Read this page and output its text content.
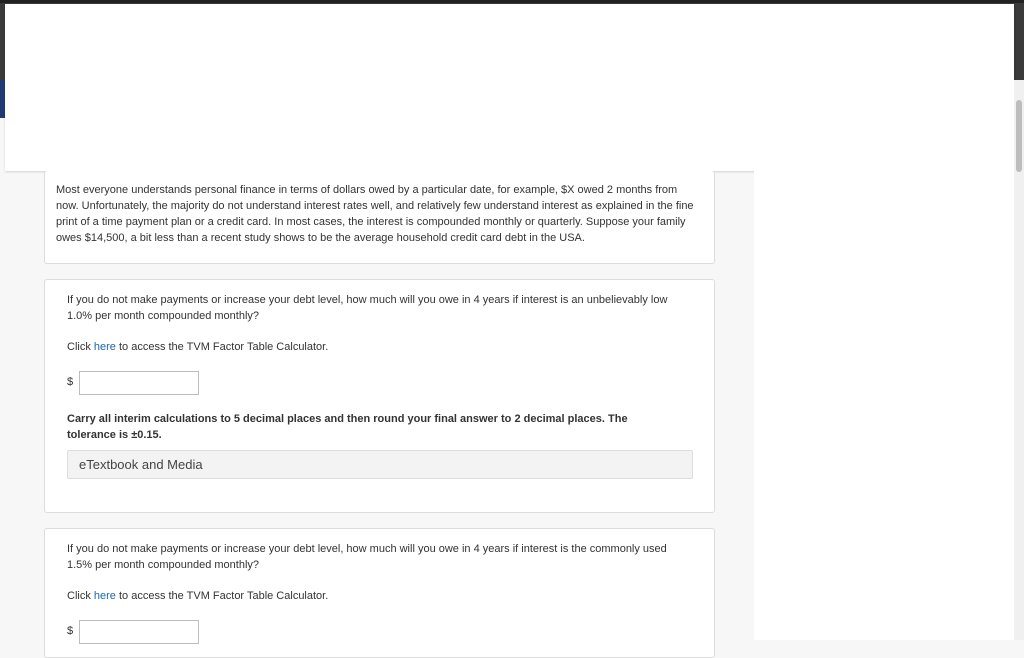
Most everyone understands personal finance in terms of dollars owed by a particular date, for example, $X owed 2 months from now. Unfortunately, the majority do not understand interest rates well, and relatively few understand interest as explained in the fine print of a time payment plan or a credit card. In most cases, the interest is compounded monthly or quarterly. Suppose your family owes $14,500, a bit less than a recent study shows to be the average household credit card debt in the USA.
If you do not make payments or increase your debt level, how much will you owe in 4 years if interest is an unbelievably low 1.0% per month compounded monthly?
Click here to access the TVM Factor Table Calculator.
$
Carry all interim calculations to 5 decimal places and then round your final answer to 2 decimal places. The tolerance is ±0.15.
eTextbook and Media
If you do not make payments or increase your debt level, how much will you owe in 4 years if interest is the commonly used 1.5% per month compounded monthly?
Click here to access the TVM Factor Table Calculator.
$
